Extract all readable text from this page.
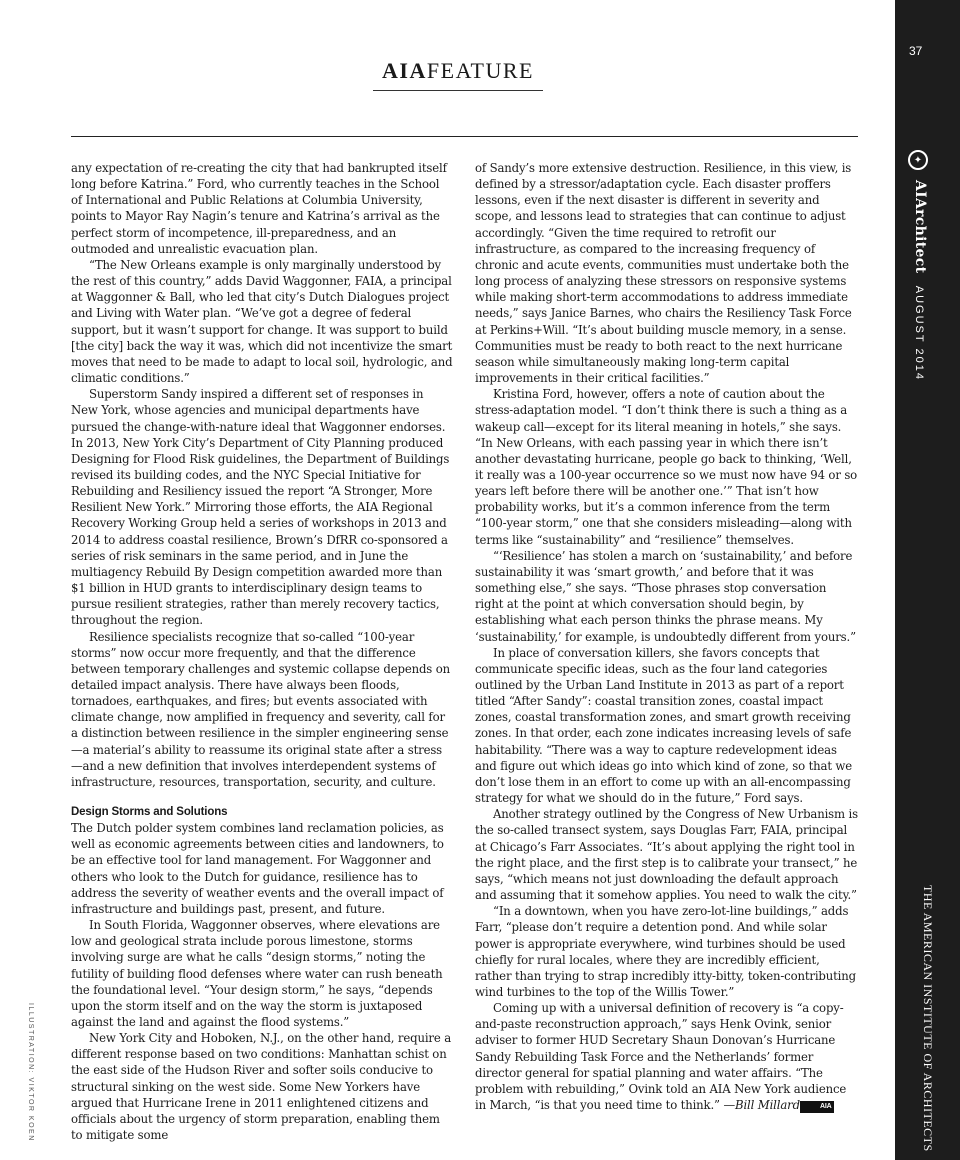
37
✦
AIArchitect AUGUST 2014
THE AMERICAN INSTITUTE OF ARCHITECTS
AIAFEATURE
ILLUSTRATION: VIKTOR KOEN

any expectation of re-creating the city that had bankrupted itself long before Katrina.” Ford, who currently teaches in the School of International and Public Relations at Columbia University, points to Mayor Ray Nagin’s tenure and Katrina’s arrival as the perfect storm of incompetence, ill-preparedness, and an outmoded and unrealistic evacuation plan.

“The New Orleans example is only marginally understood by the rest of this country,” adds David Waggonner, FAIA, a principal at Waggonner & Ball, who led that city’s Dutch Dialogues project and Living with Water plan. “We’ve got a degree of federal support, but it wasn’t support for change. It was support to build [the city] back the way it was, which did not incentivize the smart moves that need to be made to adapt to local soil, hydrologic, and climatic conditions.”

Superstorm Sandy inspired a different set of responses in New York, whose agencies and municipal departments have pursued the change-with-nature ideal that Waggonner endorses. In 2013, New York City’s Department of City Planning produced Designing for Flood Risk guidelines, the Department of Buildings revised its building codes, and the NYC Special Initiative for Rebuilding and Resiliency issued the report “A Stronger, More Resilient New York.” Mirroring those efforts, the AIA Regional Recovery Working Group held a series of workshops in 2013 and 2014 to address coastal resilience, Brown’s DfRR co-sponsored a series of risk seminars in the same period, and in June the multiagency Rebuild By Design competition awarded more than $1 billion in HUD grants to interdisciplinary design teams to pursue resilient strategies, rather than merely recovery tactics, throughout the region.

Resilience specialists recognize that so-called “100-year storms” now occur more frequently, and that the difference between temporary challenges and systemic collapse depends on detailed impact analysis. There have always been floods, tornadoes, earthquakes, and fires; but events associated with climate change, now amplified in frequency and severity, call for a distinction between resilience in the simpler engineering sense—a material’s ability to reassume its original state after a stress—and a new definition that involves interdependent systems of infrastructure, resources, transportation, security, and culture.

Design Storms and Solutions

The Dutch polder system combines land reclamation policies, as well as economic agreements between cities and landowners, to be an effective tool for land management. For Waggonner and others who look to the Dutch for guidance, resilience has to address the severity of weather events and the overall impact of infrastructure and buildings past, present, and future.

In South Florida, Waggonner observes, where elevations are low and geological strata include porous limestone, storms involving surge are what he calls “design storms,” noting the futility of building flood defenses where water can rush beneath the foundational level. “Your design storm,” he says, “depends upon the storm itself and on the way the storm is juxtaposed against the land and against the flood systems.”

New York City and Hoboken, N.J., on the other hand, require a different response based on two conditions: Manhattan schist on the east side of the Hudson River and softer soils conducive to structural sinking on the west side. Some New Yorkers have argued that Hurricane Irene in 2011 enlightened citizens and officials about the urgency of storm preparation, enabling them to mitigate some

of Sandy’s more extensive destruction. Resilience, in this view, is defined by a stressor/adaptation cycle. Each disaster proffers lessons, even if the next disaster is different in severity and scope, and lessons lead to strategies that can continue to adjust accordingly. “Given the time required to retrofit our infrastructure, as compared to the increasing frequency of chronic and acute events, communities must undertake both the long process of analyzing these stressors on responsive systems while making short-term accommodations to address immediate needs,” says Janice Barnes, who chairs the Resiliency Task Force at Perkins+Will. “It’s about building muscle memory, in a sense. Communities must be ready to both react to the next hurricane season while simultaneously making long-term capital improvements in their critical facilities.”

Kristina Ford, however, offers a note of caution about the stress-adaptation model. “I don’t think there is such a thing as a wakeup call—except for its literal meaning in hotels,” she says. “In New Orleans, with each passing year in which there isn’t another devastating hurricane, people go back to thinking, ‘Well, it really was a 100-year occurrence so we must now have 94 or so years left before there will be another one.’” That isn’t how probability works, but it’s a common inference from the term “100-year storm,” one that she considers misleading—along with terms like “sustainability” and “resilience” themselves.

“‘Resilience’ has stolen a march on ‘sustainability,’ and before sustainability it was ‘smart growth,’ and before that it was something else,” she says. “Those phrases stop conversation right at the point at which conversation should begin, by establishing what each person thinks the phrase means. My ‘sustainability,’ for example, is undoubtedly different from yours.”

In place of conversation killers, she favors concepts that communicate specific ideas, such as the four land categories outlined by the Urban Land Institute in 2013 as part of a report titled “After Sandy”: coastal transition zones, coastal impact zones, coastal transformation zones, and smart growth receiving zones. In that order, each zone indicates increasing levels of safe habitability. “There was a way to capture redevelopment ideas and figure out which ideas go into which kind of zone, so that we don’t lose them in an effort to come up with an all-encompassing strategy for what we should do in the future,” Ford says.

Another strategy outlined by the Congress of New Urbanism is the so-called transect system, says Douglas Farr, FAIA, principal at Chicago’s Farr Associates. “It’s about applying the right tool in the right place, and the first step is to calibrate your transect,” he says, “which means not just downloading the default approach and assuming that it somehow applies. You need to walk the city.”

“In a downtown, when you have zero-lot-line buildings,” adds Farr, “please don’t require a detention pond. And while solar power is appropriate everywhere, wind turbines should be used chiefly for rural locales, where they are incredibly efficient, rather than trying to strap incredibly itty-bitty, token-contributing wind turbines to the top of the Willis Tower.”

Coming up with a universal definition of recovery is “a copy-and-paste reconstruction approach,” says Henk Ovink, senior adviser to former HUD Secretary Shaun Donovan’s Hurricane Sandy Rebuilding Task Force and the Netherlands’ former director general for spatial planning and water affairs. “The problem with rebuilding,” Ovink told an AIA New York audience in March, “is that you need time to think.” —Bill Millard	AIA
